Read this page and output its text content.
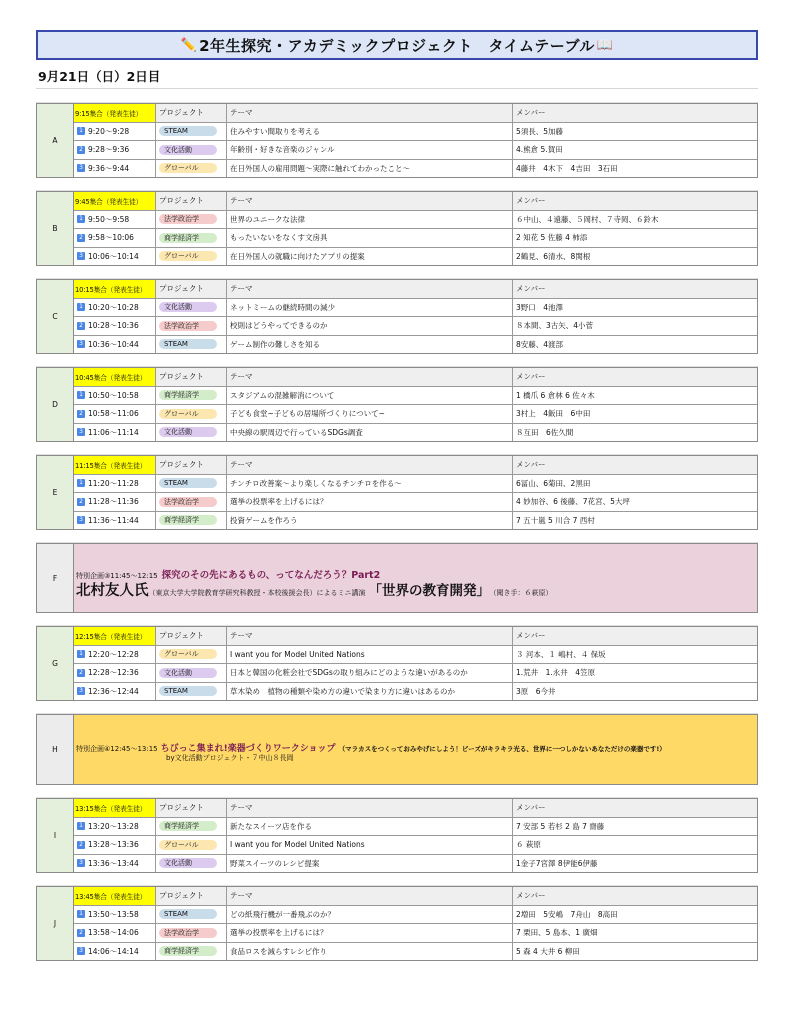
✏️ 2年生探究・アカデミックプロジェクト　タイムテーブル 📖
9月21日（日）2日目
A
9:15集合（発表生徒）	プロジェクト	テーマ	メンバー
1 9:20〜9:28	STEAM	住みやすい間取りを考える	5須長、5加藤
2 9:28〜9:36	文化活動	年齢別・好きな音楽のジャンル	4.熊倉 5.賀田
3 9:36〜9:44	グローバル	在日外国人の雇用問題〜実際に触れてわかったこと〜	4藤井　4木下　4吉田　3石田
B
9:45集合（発表生徒）	プロジェクト	テーマ	メンバー
1 9:50〜9:58	法学政治学	世界のユニークな法律	６中山、４遠藤、５岡村、７寺岡、６鈴木
2 9:58〜10:06	商学経済学	もったいないをなくす文房具	2 知花 5 佐藤 4 柿添
3 10:06〜10:14	グローバル	在日外国人の就職に向けたアプリの提案	2鶴見、6清水、8関根
C
10:15集合（発表生徒）	プロジェクト	テーマ	メンバー
1 10:20〜10:28	文化活動	ネットミームの継続時間の減少	3野口　4池澤
2 10:28〜10:36	法学政治学	校則はどうやってできるのか	８本間、3古矢、4小菅
3 10:36〜10:44	STEAM	ゲーム制作の難しさを知る	8安藤、4渡部
D
10:45集合（発表生徒）	プロジェクト	テーマ	メンバー
1 10:50〜10:58	商学経済学	スタジアムの混雑解消について	1 橋爪 6 倉林 6 佐々木
2 10:58〜11:06	グローバル	子ども食堂~子どもの居場所づくりについて~	3村上　4飯田　6中田
3 11:06〜11:14	文化活動	中央線の駅周辺で行っているSDGs調査	８互田　6佐久間
E
11:15集合（発表生徒）	プロジェクト	テーマ	メンバー
1 11:20〜11:28	STEAM	チンチロ改善案〜より楽しくなるチンチロを作る〜	6冨山、6菊田、2黒田
2 11:28〜11:36	法学政治学	選挙の投票率を上げるには？	4 妙加谷、6 後藤、7花宮、5大坪
3 11:36〜11:44	商学経済学	投資ゲームを作ろう	7 五十嵐 5 川合 7 西村
F	特別企画③11:45〜12:15 探究のその先にあるもの、ってなんだろう？Part2
北村友人氏（東京大学大学院教育学研究科教授・本校後援会長）によるミニ講演 「世界の教育開発」 （聞き手：６萩原）
G
12:15集合（発表生徒）	プロジェクト	テーマ	メンバー
1 12:20〜12:28	グローバル	I want you for Model United Nations	３ 河本、１ 嶋村、４ 保坂
2 12:28〜12:36	文化活動	日本と韓国の化粧会社でSDGsの取り組みにどのような違いがあるのか	1.荒井　1.永井　4笠原
3 12:36〜12:44	STEAM	草木染め　植物の種類や染め方の違いで染まり方に違いはあるのか	3原　6今井
H	特別企画④12:45〜13:15 ちびっこ集まれ!楽器づくりワークショップ （マラカスをつくっておみやげにしよう！ビーズがキラキラ光る、世界に一つしかないあなただけの楽器です!）
by文化活動プロジェクト・７中山８長岡
I
13:15集合（発表生徒）	プロジェクト	テーマ	メンバー
1 13:20〜13:28	商学経済学	新たなスイーツ店を作る	7 安部 5 若杉 2 島 7 齋藤
2 13:28〜13:36	グローバル	I want you for Model United Nations	６ 萩原
3 13:36〜13:44	文化活動	野菜スイーツのレシピ提案	1金子7宮澤 8伊能6伊藤
J
13:45集合（発表生徒）	プロジェクト	テーマ	メンバー
1 13:50〜13:58	STEAM	どの紙飛行機が一番飛ぶのか？	2増田　5安嶋　7舟山　8高田
2 13:58〜14:06	法学政治学	選挙の投票率を上げるには？	7 栗田、5 島本、1 廣畑
3 14:06〜14:14	商学経済学	食品ロスを減らすレシピ作り	5 森 4 大井 6 柳田
